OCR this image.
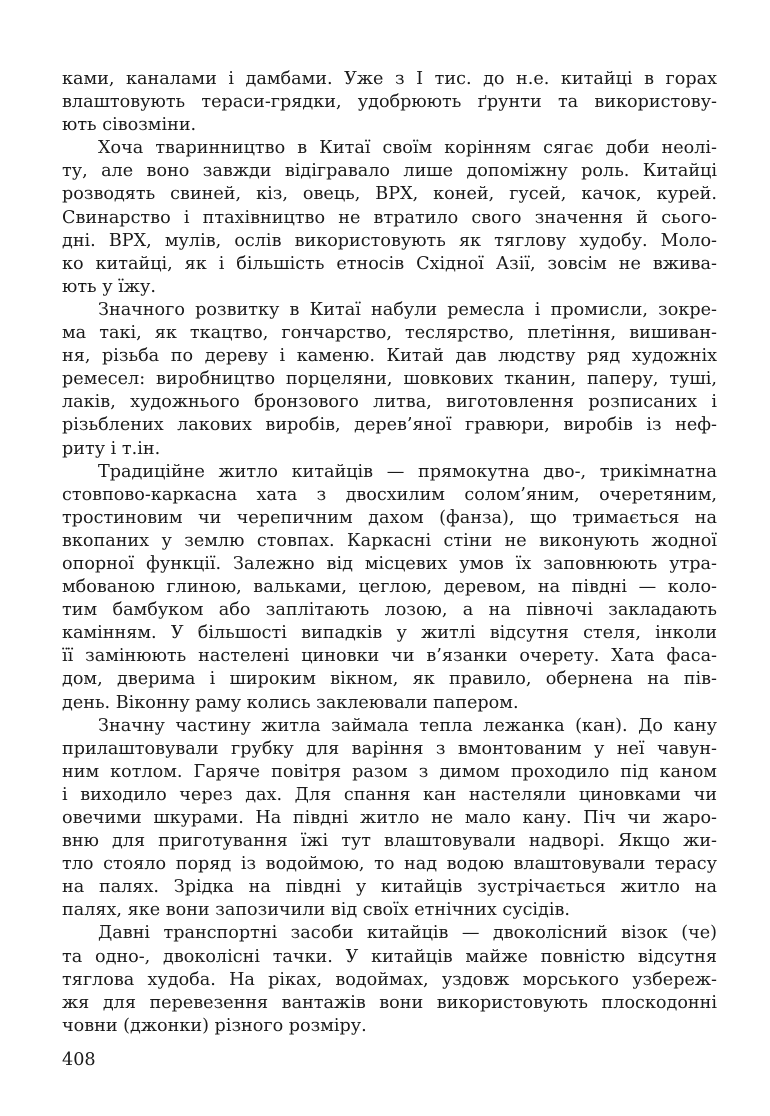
ками, каналами і дамбами. Уже з І тис. до н.е. китайці в горах
влаштовують тераси-грядки, удобрюють ґрунти та використову-
ють сівозміни.
Хоча тваринництво в Китаї своїм корінням сягає доби неолі-
ту, але воно завжди відігравало лише допоміжну роль. Китайці
розводять свиней, кіз, овець, ВРХ, коней, гусей, качок, курей.
Свинарство і птахівництво не втратило свого значення й сього-
дні. ВРХ, мулів, ослів використовують як тяглову худобу. Моло-
ко китайці, як і більшість етносів Східної Азії, зовсім не вжива-
ють у їжу.
Значного розвитку в Китаї набули ремесла і промисли, зокре-
ма такі, як ткацтво, гончарство, теслярство, плетіння, вишиван-
ня, різьба по дереву і каменю. Китай дав людству ряд художніх
ремесел: виробництво порцеляни, шовкових тканин, паперу, туші,
лаків, художнього бронзового литва, виготовлення розписаних і
різьблених лакових виробів, дерев’яної гравюри, виробів із неф-
риту і т.ін.
Традиційне житло китайців — прямокутна дво-, трикімнатна
стовпово-каркасна хата з двосхилим солом’яним, очеретяним,
тростиновим чи черепичним дахом (фанза), що тримається на
вкопаних у землю стовпах. Каркасні стіни не виконують жодної
опорної функції. Залежно від місцевих умов їх заповнюють утра-
мбованою глиною, вальками, цеглою, деревом, на півдні — коло-
тим бамбуком або заплітають лозою, а на півночі закладають
камінням. У більшості випадків у житлі відсутня стеля, інколи
її замінюють настелені циновки чи в’язанки очерету. Хата фаса-
дом, дверима і широким вікном, як правило, обернена на пів-
день. Віконну раму колись заклеювали папером.
Значну частину житла займала тепла лежанка (кан). До кану
прилаштовували грубку для варіння з вмонтованим у неї чавун-
ним котлом. Гаряче повітря разом з димом проходило під каном
і виходило через дах. Для спання кан настеляли циновками чи
овечими шкурами. На півдні житло не мало кану. Піч чи жаро-
вню для приготування їжі тут влаштовували надворі. Якщо жи-
тло стояло поряд із водоймою, то над водою влаштовували терасу
на палях. Зрідка на півдні у китайців зустрічається житло на
палях, яке вони запозичили від своїх етнічних сусідів.
Давні транспортні засоби китайців — двоколісний візок (че)
та одно-, двоколісні тачки. У китайців майже повністю відсутня
тяглова худоба. На ріках, водоймах, уздовж морського узбереж-
жя для перевезення вантажів вони використовують плоскодонні
човни (джонки) різного розміру.
408
